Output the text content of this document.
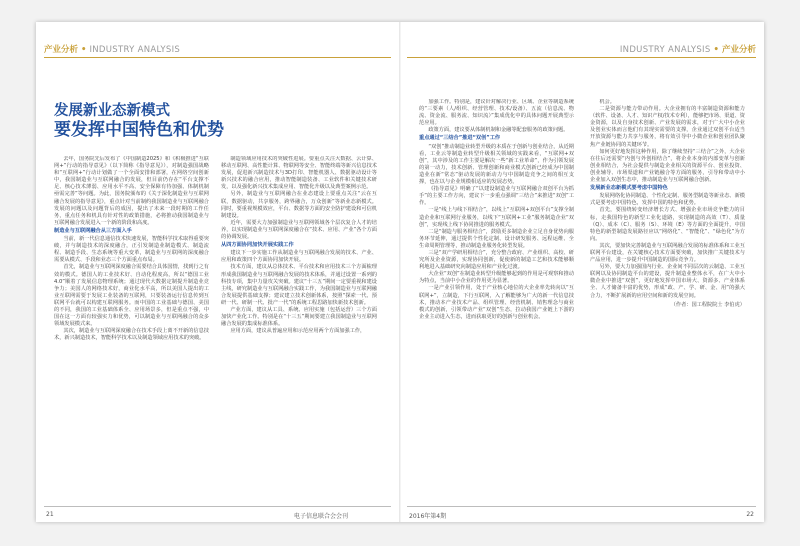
产业分析 • INDUSTRY ANALYSIS	INDUSTRY ANALYSIS • 产业分析
发展新业态新模式
要发挥中国特色和优势

去年，国务院先后发布了《中国制造2025》和《积极推进“互联网+”行动的指导意见》（以下简称《指导意见》），对制造强国战略和“互联网+”行动计划做了一个全面安排和部署，在网络空间创新中，我国制造业与互联网融合的发展，但目前仍存在“平台支撑不足、核心技术薄弱、应用水平不高、安全保障有待加强、体制机制亟需完善”等问题。为此，国务院颁布的《关于深化制造业与互联网融合发展的指导意见》，重点针对当前制约我国制造业与互联网融合发展的问题以及问题背后的成因，提出了未来一段时期的工作任务，重点任务和机具有针对性的政策措施，必将推动我国制造业与互联网融合发展进入一个新的阶段和高度。

制造业与互联网融合从三方面入手

当前，新一代信息通信技术快速发展，智能科学技术取得重要突破，并与制造技术的深度融合，正引发制造业制造模式、制造流程、制造手段、生态系统等重大变革，制造业与互联网的深度融合需要从模式、手段和业态三个方面重点布局。

首先，制造业与互联网深度融合需要结合具体国情，找到行之有效的模式。德国人的工业技术好、自动化程度高，所以“德国工业4.0”顺着了发展信息物理系统；通过现代大数据定制提升制造业竞争力；美国人的网络技术好，商业化水平高，所以美国人提出的工业互联网需要于发展工业装备的互联网，只要装备运行信息传到互联网平台就可以构建互联网服务。而中国的工业基础与德国、美国的不同，我国的工业基础体系全、应用场景多，但是重点不强，中国在这一方面有较强实力和优势，可以制造业与互联网融合的众多领域发展模式来。

其次，制造业与互联网深度融合在技术手段上离不开新的信息技术，新兴制造技术，智能科学技术以及制造领域应用技术的突破。

制造领域应用技术的突破性进展。要重点关注大数据、云计算、移动互联网、高性能计算、物联网等安全、智能终端等新兴信息技术发展，促进新兴制造技术与3D打印、智能机器人、数据驱动设计等新兴技术的融合应用，推动智能制造装备、工业软件和关键技术研发，以及强化新兴技术集成应用、智能化升级以及典型案例示范。

另外，制造业与互联网融合在业态建设上要重点关注“云在互联，数据驱动，共享服务，跨界融合，万众创新”等新业态新模式。同时，要重视规模效应，平台、数据等方面的安全防护建设和可信机制建设。

近年，需要大力加强制造业与互联网领域各个层次复合人才的培养，以实现制造业与互联网深度融合在“技术、应用、产业”各个方面的协调发展。

从四方面协同加快开展实践工作

建议下一步实施工作从制造业与互联网融合发展的技术、产业、应用和政策四个方面协同加快开展。

技术方面，建议从总体技术、平台技术和应用技术三个方面梳理形成我国制造业与互联网融合发展的技术体系，并通过设置一系列的科技专项，集中力量攻关突破。建议“十三五”期间一定要重视和建设主线，研究制造业与互联网融合实践工作，为我国制造业与互联网融合发展提供基础支撑；建议建立技术创新体系，按照“探索一代、预研一代、研制一代、批产一代”的系统工程思路加快新技术创新。

产业方面，建议从工具、系统、应用实施（包括运营）三个方面加快产业化工作。特别是在“十三五”期间要建立我国制造业与互联网融合发展的集成标准体系。

应用方面，建议从普遍应用和示范应用两个方面加强工作，

加强工作。特别是，建议针对解决行业、区域、企业等制造系统的“三要素（人/组织、经营管理、技术/设备）、五流（信息流、物流、资金流、服务流、知识流）”集成优化中的具体问题开展典型示范应用。

政策方面，建议要从体制机制和金融等配套服务的政策问题。

重点通过“三结合”推进“双创”工作

“双创”推动制造业转型升级的本质在于创新与创业结合，从近期看，工业云等制造业转型升级相关领域的实践来看，“互联网+双创”，其中涉及的工作主要是解决一些“新工业革命”，作为引领发展的第一动力，技术创新、管理创新和商业模式创新已经成为中国制造业在新“常态”驱动发展的新动力与中国制造竞争之间的相互支撑，也在以与企业规模相适应的发展态势。

《指导意见》明确了“以建设制造业与互联网融合双创平台为抓手”的主要工作方向，建议下一步重点强调“三结合”来推进“双创”工作。

一是“线上与线下相结合”，以线上“互联网+双创平台”支撑全制造企业和互联网行业服务，以线下“互联网+工业”服务制造企业“双创”，实现线上线下协同推进的服务模式。

二是“制造与服务相结合”，鼓励更多制造企业立足自身优势向服务环节延伸，通过提供个性化定制、设计研发服务、远程运维、全生命周期管理等，推动制造业服务化转型发展。

三是“双产学研用相结合”，充分整合政府、产业组织、高校、研究所及企业资源，实现协同创新，促使新的制造工艺和技术能够顺利地进入基础研究向制造应用和产业化过渡。

大企业“双创”在制造业转型升级能够起到的作用是可观察和推动为特点，当前中小企业的作用更为显著。

一是产业引领作用，处于产业核心地位的大企业率先转向以“互联网+”，立制造，下行互联网，入了解能够为广大的新一代信息技术，推动本产业技术产品、组织管理、经营机制、销售理念与商业模式的创新，引领带动产业“双创”生态，拉动我国产业链上下游的企业主动进入生态，进而获取更好的创新与创业机会。

机会。

二是资源与能力带动作用。大企业拥有的丰富制造资源和能力（软件、设备、人才、知识产权/技术专利），能够把市场、渠道、资金资源，以及自身技术创新、产业发展的需求，对于广大中小企业及创业实体而言他们有其现实需要的支撑，企业通过双创平台适当开放资源与能力共享与服务，将有效引导中小微企业和创业团队聚焦产业链协同的关键环节。

如何更好地发挥这种作用，除了继续坚持“三结合”之外，大企业在往后还需要“内创与外创相结合”，将企业本身的内部变革与创新创业相结合，为社会提供与制造企业相关的资源平台、创业投资、创业辅导、市场渠道和产业链融合等方面的服务，引导和带动中小企业加入双创生态中，推动制造业与互联网融合创新。

发展新业态新模式要考虑中国特色

发展网络化协同制造、个性化定制、服务型制造等新业态、新模式是要考虑中国特色，发挥中国的特色和优势。

首先，要围绕转变经济增长方式、增强企业市场竞争能力的目标，走我国特色的新型工业化道路，实现制造的高效（T）、质量（Q）、成本（C）、服务（S）、环境（E）等方面的全面提升，中国特色的新型制造发展路径应以“网络化”、“智能化”、“绿色化”为方向。

其次，要加快完善制造业与互联网融合发展的标准体系和工业互联网平台建设，在关键核心技术方面要突破，加快推广关键技术与产品应用，进一步提升中国制造的国际竞争力。

另外，要大力加强国内行业、企业间不同层次的云制造、工业互联网以及协同制造平台的建设，提升制造业整体水平，在广大中小微企业中推进“双创”，更好地发挥中国市场大、资源多、产业体系全、人才储备丰富的优势，形成“政、产、学、研、金、用”的强大合力，不断扩展新的应用空间和新的发展空间。

（作者：国工程院院士 李伯虎）

21	电子信息联合会会刊	2016年第4期	22
